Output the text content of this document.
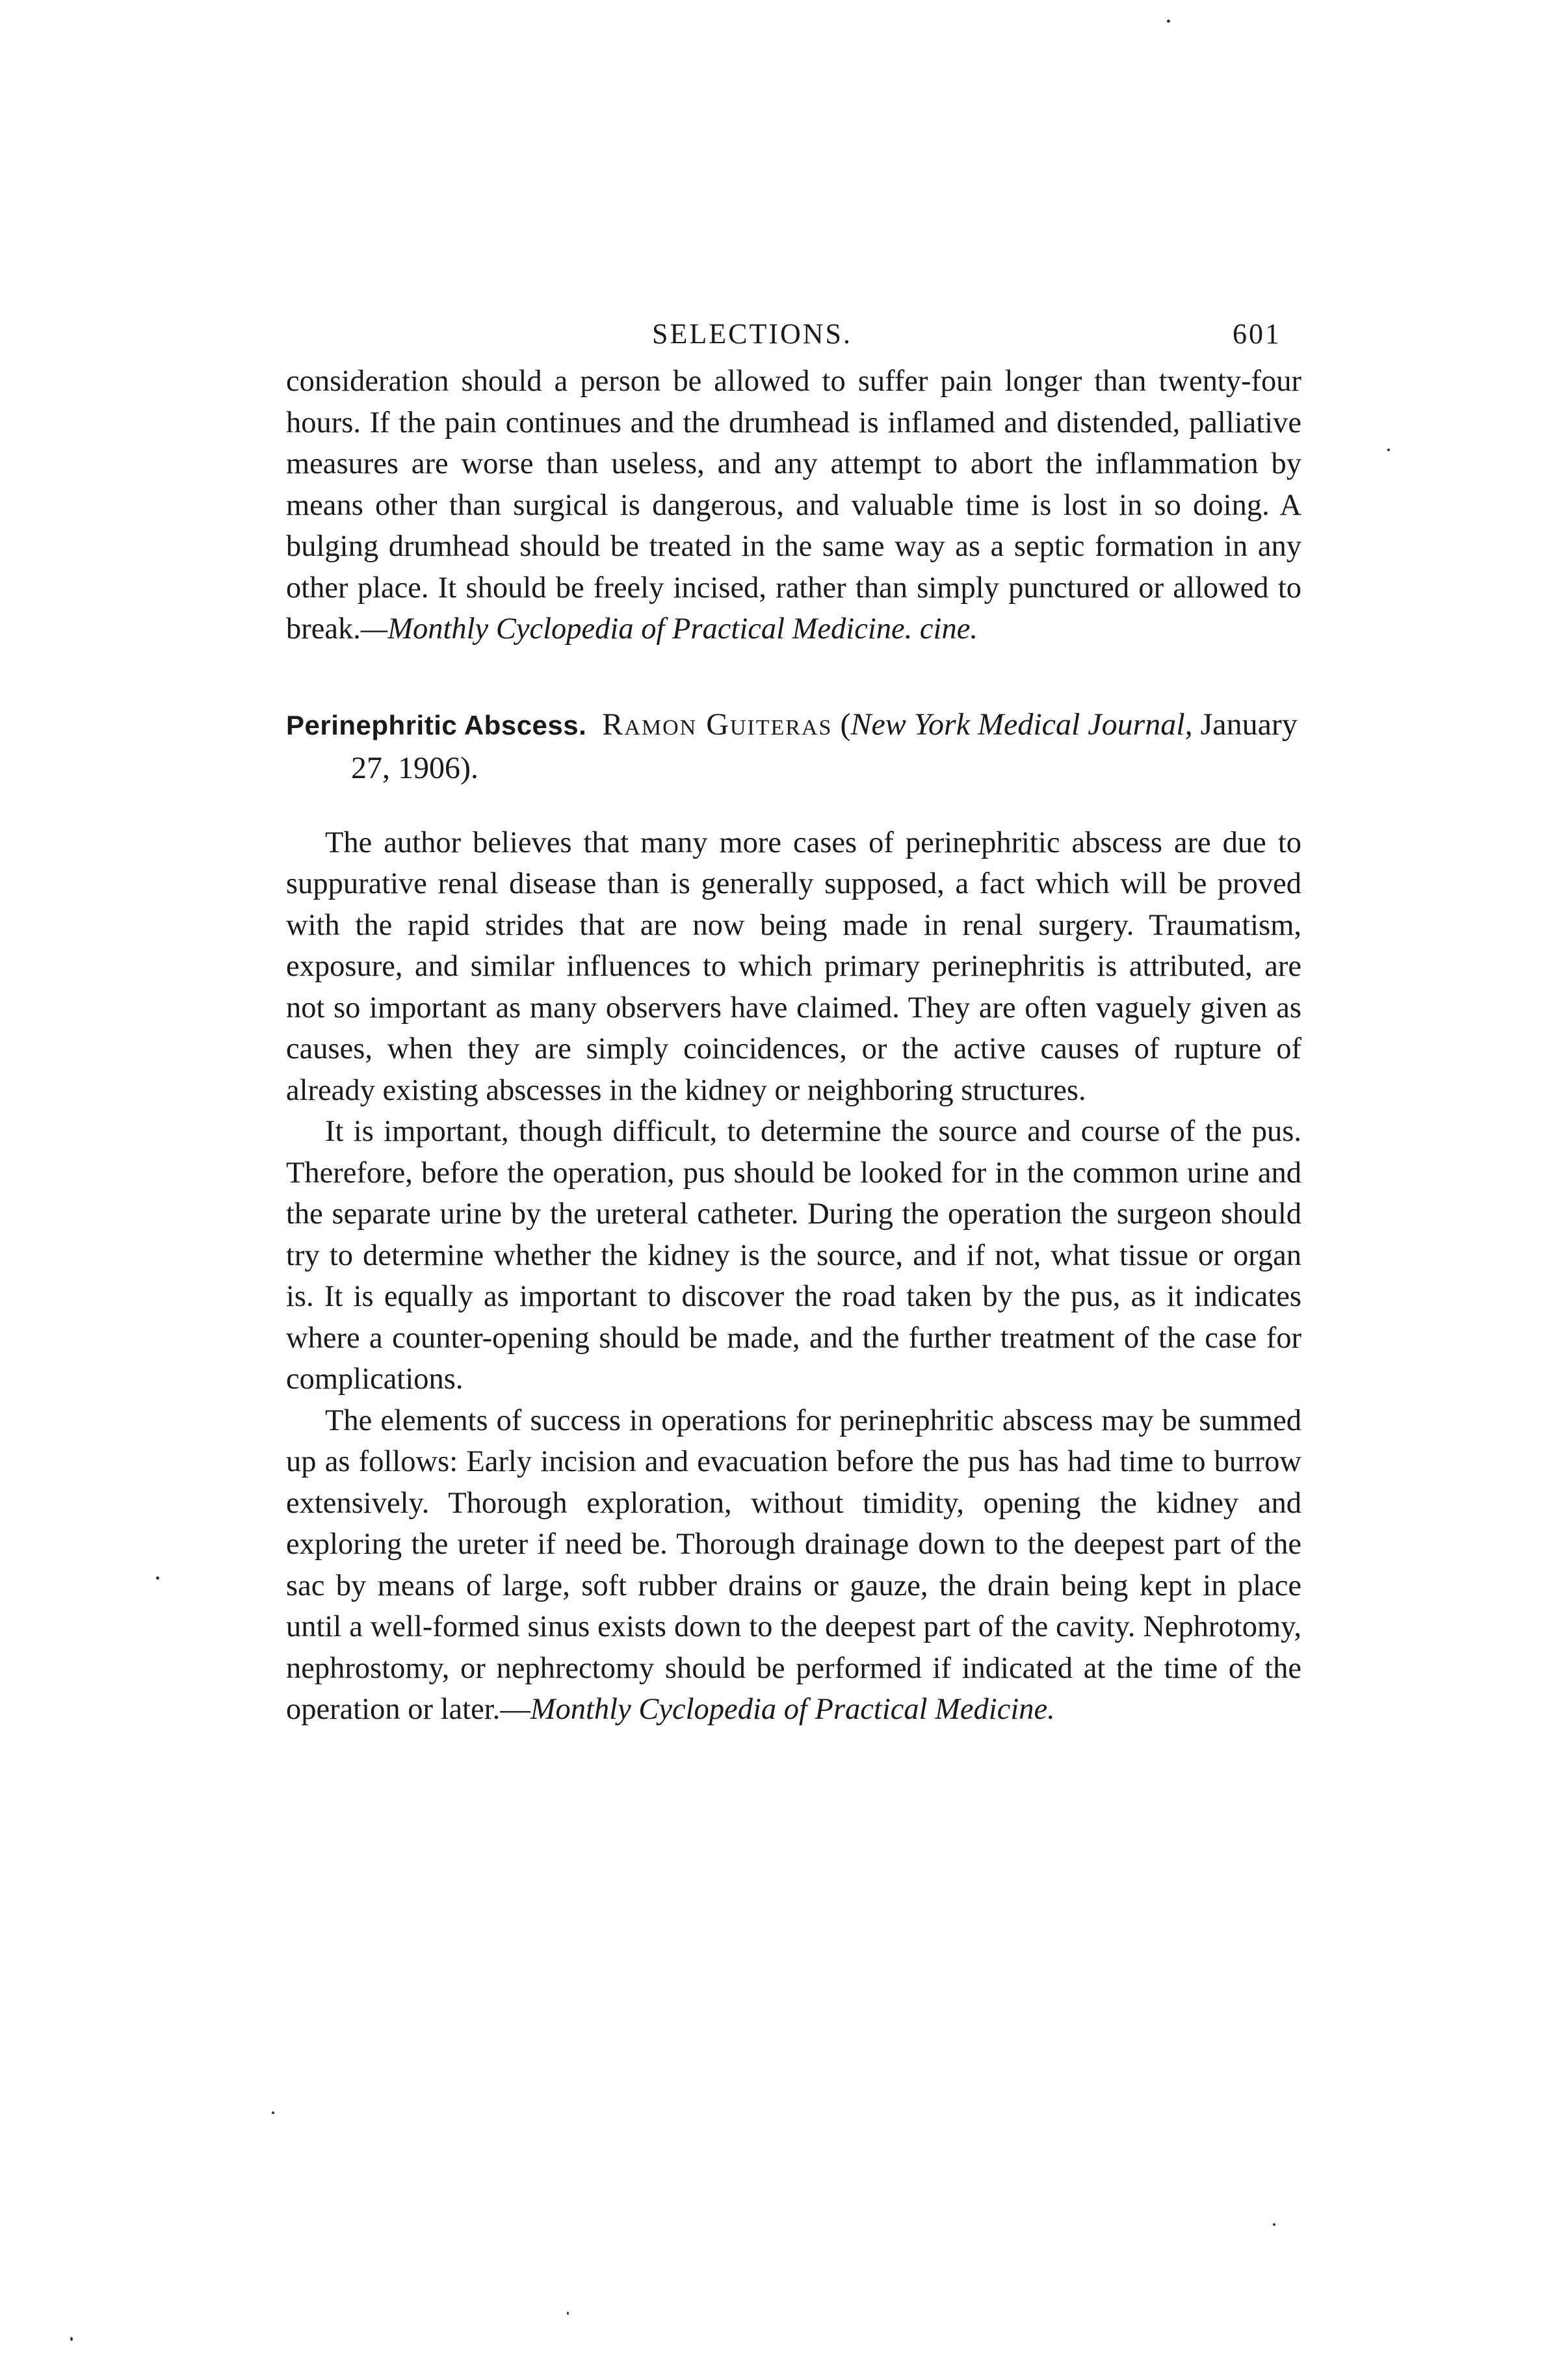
SELECTIONS.	601

consideration should a person be allowed to suffer pain longer than twenty-four hours. If the pain continues and the drumhead is inflamed and distended, palliative measures are worse than useless, and any attempt to abort the inflammation by means other than surgical is dangerous, and valuable time is lost in so doing. A bulging drumhead should be treated in the same way as a septic formation in any other place. It should be freely incised, rather than simply punctured or allowed to break.—Monthly Cyclopedia of Practical Medicine. cine.

Perinephritic Abscess. Ramon Guiteras (New York Medical Journal, January 27, 1906).

The author believes that many more cases of perinephritic abscess are due to suppurative renal disease than is generally supposed, a fact which will be proved with the rapid strides that are now being made in renal surgery. Traumatism, exposure, and similar influences to which primary perinephritis is attributed, are not so important as many observers have claimed. They are often vaguely given as causes, when they are simply coincidences, or the active causes of rupture of already existing abscesses in the kidney or neighboring structures.

It is important, though difficult, to determine the source and course of the pus. Therefore, before the operation, pus should be looked for in the common urine and the separate urine by the ureteral catheter. During the operation the surgeon should try to determine whether the kidney is the source, and if not, what tissue or organ is. It is equally as important to discover the road taken by the pus, as it indicates where a counter-opening should be made, and the further treatment of the case for complications.

The elements of success in operations for perinephritic abscess may be summed up as follows: Early incision and evacuation before the pus has had time to burrow extensively. Thorough exploration, without timidity, opening the kidney and exploring the ureter if need be. Thorough drainage down to the deepest part of the sac by means of large, soft rubber drains or gauze, the drain being kept in place until a well-formed sinus exists down to the deepest part of the cavity. Nephrotomy, nephrostomy, or nephrectomy should be performed if indicated at the time of the operation or later.—Monthly Cyclopedia of Practical Medicine.
